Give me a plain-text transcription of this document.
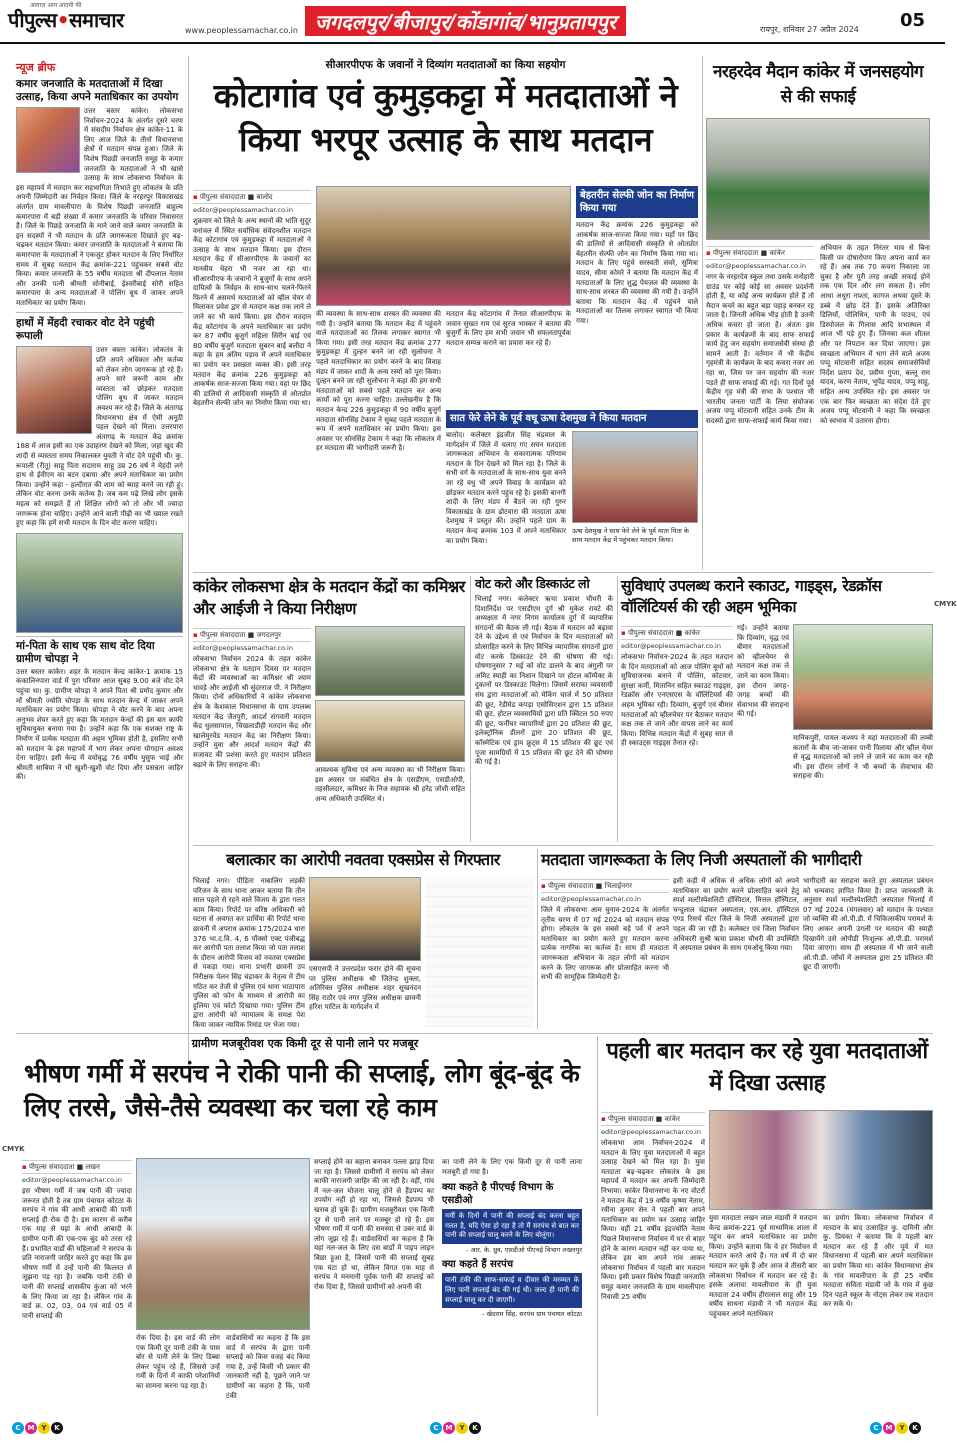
आवाज़ आम आदमी की
पीपुल्स•समाचार	www.peoplessamachar.co.in जगदलपुर/बीजापुर/कोंडागांव/भानुप्रतापपुर	रायपुर, शनिवार 27 अप्रैल 2024 05
न्यूज ब्रीफ
कमार जनजाति के मतदाताओं में दिखा उत्साह, किया अपने मताधिकार का उपयोग
उत्तर बस्तर कांकेर। लोकसभा निर्वाचन-2024 के अंतर्गत दूसरे चरण में संसदीय निर्वाचन क्षेत्र कांकेर-11 के लिए आज जिले के तीनों विधानसभा क्षेत्रों में मतदान संपन्न हुआ। जिले के विशेष पिछड़ी जनजाति समूह के कमार जनजाति के मतदाताओं ने भी खासे उत्साह के साथ लोकसभा निर्वाचन के इस महापर्व में मतदान कर सहभागिता निभाते हुए लोकतंत्र के प्रति अपनी जिम्मेदारी का निर्वहन किया। जिले के नरहरपुर विकासखंड अंतर्गत ग्राम मावलीपारा के विशेष पिछड़ी जनजाति बाहुल्य कमारपारा में बड़ी संख्या में कमार जनजाति के परिवार निवासरत हैं। जिले के पिछड़े जनजाति के माने जाने वाले कमार जनजाति के इन सदस्यों ने भी मतदान के प्रति जागरूकता दिखाते हुए बढ़-चढ़कर मतदान किया। कमार जनजाति के मतदाताओं ने बताया कि कमारपारा के मतदाताओं ने एकजुट होकर मतदान के लिए निर्धारित समय में सुबह मतदान केंद्र क्रमांक-221 पहुंचकर सबसे वोट किया। कमार जनजाति के 55 वर्षीय मतदाता श्री दीपलाल नेताम और उनकी पत्नी श्रीमती सोनीबाई, ईश्वरीबाई सोरी सहित कमारपारा के अन्य मतदाताओं ने पोलिंग बूथ में जाकर अपने मताधिकार का प्रयोग किया।
हाथों में मेंहदी रचाकर वोट देने पहुंची रूपाली
उत्तर बस्तर कांकेर। लोकतंत्र के प्रति अपने अधिकार और कर्तव्य को लेकर लोग जागरूक हो रहे हैं। अपने सारे जरूरी काम और व्यस्तता को छोड़कर मतदाता पोलिंग बूथ में जाकर मतदान अवश्य कर रहे हैं। जिले के अंतागढ़ विधानसभा क्षेत्र में ऐसी अनूठी पहल देखने को मिला। उत्तरपारा अंतागढ़ के मतदान केंद्र क्रमांक 188 में आज इसी का एक उदाहरण देखने को मिला, जहां खुद की शादी से व्यस्तता समय निकालकर युवती ने वोट देने पहुंची थी। कु. रूपाली (रीतू) साहू पिता सदाराम साहू उम्र 26 वर्ष ने मेहंदी लगे हाथ से ईवीएम का बटन दबाया और अपने मताधिकार का प्रयोग किया। उन्होंने कहा - हल्दीरात की शाम को ब्याह करने जा रही हूं। लेकिन वोट करना उनके कर्तव्य है। जब कम पढ़े लिखे लोग इसके महत्व को समझते हैं तो शिक्षित लोगों को तो और भी ज्यादा जागरूक होना चाहिए। उन्होंने आने वाली पीढ़ी का भी ख्याल रखते हुए कहा कि हमें सभी मतदान के दिन वोट करना चाहिए।
मां-पिता के साथ एक साथ वोट दिया ग्रामीण चोपड़ा ने
उत्तर बस्तर कांकेर। शहर के मतदान केन्द्र कांकेर-1 क्रमांक 15 कंकालिनपारा वार्ड में पुरा परिवार आज सुबह 9.00 बजे वोट देने पहुंचा था। कु. ग्रामीण चोपड़ा ने अपने पिता श्री प्रमोद कुमार और माँ श्रीमती ज्योति चोपड़ा के साथ मतदान केन्द्र में जाकर अपने मताधिकार का प्रयोग किया। चोपड़ा ने वोट करने के बाद अपना अनुभव शेयर करते हुए कहा कि मतदान केन्द्रों की इस बार काफी सुविधायुक्त बनाया गया है। उन्होंने कहा कि एक सशक्त राष्ट्र के निर्माण में प्रत्येक मतदाता की अहम भूमिका होती है, इसलिए सभी को मतदान के इस महापर्व में भाग लेकर अपना योगदान अवश्य देना चाहिए। इसी केन्द्र में वयोवृद्ध 76 वर्षीय युसुफ भाई और श्रीमती साबिया ने भी खुशी-खुशी वोट दिया और प्रसन्नता जाहिर की।
सीआरपीएफ के जवानों ने दिव्यांग मतदाताओं का किया सहयोग
कोटागांव एवं कुमुड़कट्टा में मतदाताओं ने किया भरपूर उत्साह के साथ मतदान
▪ पीपुल्स संवाददाता ■ बालोद
editor@peoplessamachar.co.in
शुक्रवार को जिले के अन्य स्थानों की भांति सुदूर वनांचल में स्थित सर्वाधिक संवेदनशील मतदान केंद्र कोटागांव एवं कुमुड़कट्टा में मतदाताओं ने उत्साह के साथ मतदान किया। इस दौरान मतदान केंद्र में सीआरपीएफ के जवानों का मानवीय चेहरा भी नजर आ रहा था। सीआरपीएफ के जवानों ने बुजुर्गों के साथ अपने दायित्वों के निर्वहन के साथ-साथ चलने-फिरने फिरने में असमर्थ मतदाताओं को व्हील चेयर से मिलाकर प्रवेश द्वार से मतदान कक्ष तक लाने ले जाने का भी कार्य किया। इस दौरान मतदान केंद्र कोटागांव के अपने मताधिकार का प्रयोग कर 87 वर्षीय बुजुर्ग महिला सिरीन बाई एवं 80 वर्षीय बुजुर्ग मतदाता सुबरन बाई बलौदा ने कहा के हम अंतिम पड़ाव में अपने मताधिकार का प्रयोग कर प्रसन्नता व्यक्त की। इसी तरह मतदान केंद्र क्रमांक 226 कुमुड़कट्टा को आकर्षक साज-सज्जा किया गया। यहां पर छिंद की डालियों से आदिवासी संस्कृति से ओतप्रोत बेहतरीन सेल्फी जोन का निर्माण किया गया था।
की व्यवस्था के साथ-साथ शरबत की व्यवस्था की गयी है। उन्होंने बताया कि मतदान केंद्र में पहुंचने वाले मतदाताओं का तिलक लगाकर स्वागत भी किया गया। इसी तरह मतदान केंद्र क्रमांक 277 कुमुड़कट्टा में दुल्हन बनने जा रही सुलोचना ने पहले मतदाधिकार का प्रयोग करने के बाद विवाह मंडप में जाकर शादी के अन्य रस्मों को पूरा किया। दुल्हन बनने जा रही सुलोचना ने कहा की हम सभी मतदाताओं को सबसे पहले मतदान कर अन्य कार्यों को पूरा करना चाहिए। उल्लेखनीय है कि मतदान केन्द्र 226 कुमुड़कट्टा में 90 वर्षीय बुजुर्ग मतदाता सोनसिंह टेकाम ने सुबह पहले मतदाता के रूप में अपने मताधिकार का प्रयोग किया। इस अवसर पर सोनसिंह टेकाम ने कहा कि लोकतंत्र में हर मतदाता की भागीदारी जरूरी है।
मतदान केंद्र कोटागांव में तैनात सीआरपीएफ के जवान सुखत राम एवं सुरज भास्कर ने बताया की बुजुर्गों के लिए हम सभी जवान भी सफलतापूर्वक मतदान सम्पन्न कराने का प्रयास कर रहे हैं।
बेहतरीन सेल्फी जोन का निर्माण किया गया
मतदान केंद्र क्रमांक 226 कुमुड़कट्टा को आकर्षक साज-सज्जा किया गया। यहाँ पर छिंद की डालियों से आदिवासी संस्कृति से ओतप्रोत बेहतरीन सेल्फी जोन का निर्माण किया गया था। मतदान के लिए पहुंचे सरस्वती संवरे, सुमित्रा यादव, सीमा कोमरे ने बताया कि मतदान केंद्र में मतदाताओं के लिए शुद्ध पेयजल की व्यवस्था के साथ-साथ शरबत की व्यवस्था की गयी है। उन्होंने बताया कि मतदान केंद्र में पहुंचने वाले मतदाताओं का तिलक लगाकर स्वागत भी किया गया।
सात फेरे लेने के पूर्व वधू ऊषा देशमुख ने किया मतदान
बालोद। कलेक्टर इंद्रजीत सिंह चंद्रवाल के मार्गदर्शन में जिले में चलाए गए सघन मतदाता जागरूकता अभियान के सकारात्मक परिणाम मतदान के दिन देखने को मिल रहा है। जिले के सभी वर्ग के मतदाताओं के साथ-साथ युवा बनने जा रहे वधु भी अपने विवाह के कार्यक्रम को छोड़कर मतदान करने पहुंच रहे है। इसकी बानगी शादी के लिए मंडप में बैठने जा रही गुरुर विकासखंड के ग्राम ढोटवारा की मतदाता ऊषा देशमुख ने प्रस्तुत की। उन्होंने पहले ग्राम के मतदान केन्द्र क्रमांक 103 में अपने मताधिकार का प्रयोग किया।
ऊषा देशमुख ने साथ फेरे लेने के पूर्व माता पिता के साथ मतदान केंद्र में पहुंचकर मतदान किया।
नरहरदेव मैदान कांकेर में जनसहयोग से की सफाई
▪ पीपुल्स संवाददाता ■ कांकेर
editor@peoplessamachar.co.in
नगर के नरहरदेव स्कूल तथा उसके मनोहारी ग्राउंड पर कोई कोई सा अवसर प्रदर्शनी होती हैं, या कोई अन्य कार्यक्रम होते हैं तो मैदान कचरे का बहुत बड़ा पहाड़ बनकर रह जाता है। जिनती अधिक भीड़ होती है उतनी अधिक कचरा हो जाता है। अंततः इस प्रकार के कार्यक्रमों के बाद साफ सफाई कार्य हेतु जन सहयोग समाजसेवी संस्था ही सामने आती है। वर्तमान में भी केंद्रीय गृहमंत्री के कार्यक्रम के बाद कचरा नजर आ रहा था, जिस पर जन सहयोग की नजर पड़ते ही साफ सफाई की गई। गत दिनों पूर्व केंद्रीय गृह मंत्री की सभा के पश्चात भी भारतीय जनता पार्टी के लिया संयोजक अजय पप्पू मोटवानी सहित उनके टीम के सदस्यों द्वारा साफ-सफाई कार्य किया गया।
अभियान के तहत निरंतर भाव से बिना किसी पर दोषारोपण किए अपना कार्य कर रहे हैं। अब तक 70 कचरा निकाला जा चुका है और पूरी तरह अच्छी सफाई होने तक एक दिन और लग सकता है। लोग आधा अधूरा नाश्ता, कागज अथवा दूसरे के डब्बे में छोड़ देते हैं। इसके अतिरिक्त डिलियाँ, पोलिथिन, पानी के पाउच, एवं डिस्पोजल के गिलास आदि सभास्थल में आज भी पड़े हुए हैं। जिनका कल शीतल और पर निपटान कर दिया जाएगा। इस स्वच्छता अभियान में भाग लेने वाले अजय पप्पू मोटवानी सहित सदस्य समाजसेवियों निर्देश प्रताप देव, प्रवीण गुप्ता, बल्लू राम यादव, करण नेताम, भूपेंद्र यादव, पप्पू साहू, सहित अन्य उपस्थित रहे। इस अवसर पर एक बार फिर स्वच्छता का संदेश देते हुए अजय पप्पू मोटवानी ने कहा कि स्वच्छता को स्वभाव में उतारना होगा।
कांकेर लोकसभा क्षेत्र के मतदान केंद्रों का कमिश्नर और आईजी ने किया निरीक्षण
▪ पीपुल्स संवाददाता ■ जगदलपुर
editor@peoplessamachar.co.in
लोकसभा निर्वाचन 2024 के तहत कांकेर लोकसभा क्षेत्र के मतदान दिवस पर मतदान केंद्रों की व्यवस्थाओं का कमिश्नर श्री श्याम धावड़े और आईजी श्री सुंदरराज पी. ने निरीक्षण किया। दोनों अधिकारियों ने कांकेर लोकसभा क्षेत्र के केशकाल विधानसभा के ग्राम उपलब्ध मतदान केंद्र जैतपुरी, आदर्श संगवारी मतदान केंद्र धुलसापाल, चिखलाडीही मतदान केंद्र और खालेमुरवेंड मतदान केंद्र का निरीक्षण किया। उन्होंने युवा और आदर्श मतदान केंद्रों की सजावट की प्रशंसा करते हुए मतदान प्रतिशत बढ़ाने के लिए सराहना की।
आवश्यक सुविधा एवं अन्य व्यवस्था का भी निरीक्षण किया। इस अवसर पर संबंधित क्षेत्र के एसडीएम, एसडीओपी, तहसीलदार, कमिश्नर के निज सहायक श्री हरेंद्र जोशी सहित अन्य अधिकारी उपस्थित थे।
वोट करो और डिस्काउंट लो
भिलाई नगर। कलेक्टर ऋचा प्रकाश चौधरी के दिशानिर्देश पर एसडीएम दुर्ग श्री मुकेश रावटे की अध्यक्षता में नगर निगम कार्यालय दुर्ग में व्यापारिक संगठनों की बैठक ली गई। बैठक में मतदान को बढ़ावा देने के उद्देश्य से एवं निर्वाचन के दिन मतदाताओं को प्रोत्साहित करने के लिए विभिन्न व्यापारिक संगठनों द्वारा वोट करके डिस्काउंट देने की घोषणा की गई। घोषणानुसार 7 मई को वोट डालने के बाद अंगुली पर अमिट स्याही का निशान दिखाने पर होटल कॉम्पैक्ट के दुकानों पर डिस्काउंट मिलेगा। जिसमें सराफा व्यवसायी संघ द्वारा मतदाताओं को मेकिंग चार्ज में 50 प्रतिशत की छूट, रेडीमेड कपड़ा एसोसिएशन द्वारा 15 प्रतिशत की छूट, होटल व्यवसायियों द्वारा प्रति क्विंटल 50 रुपए की छूट, फर्नीचर व्यापारियों द्वारा 20 प्रतिशत की छूट, इलेक्ट्रॉनिक डीलरों द्वारा 20 प्रतिशत की छूट, कॉस्मेटिक एवं ड्राय फ्रूट्स में 15 प्रतिशत की छूट एवं पूजा सामग्रियों में 15 प्रतिशत की छूट देने की घोषणा की गई है।
सुविधाएं उपलब्ध कराने स्काउट, गाइड्स, रेडक्रॉस वॉलिंटियर्स की रही अहम भूमिका
▪ पीपुल्स संवाददाता ■ कांकेर
editor@peoplessamachar.co.in
लोकसभा निर्वाचन-2024 के तहत मतदान के दिन मतदाताओं को आज पोलिंग बूथों को सुविधाजनक बनाने में पोलिंग, कोटवार, सुरक्षा कर्मी, मितानिन सहित स्काउट गाइड्स, रेडक्रॉस और एनएसएस के वॉलिंटियर्स की अहम भूमिका रही। दिव्यांग, बुजुर्ग एवं बीमार मतदाताओं को व्हीलचेयर पर बैठाकर मतदान कक्ष तक ले जाने और वापस लाने का कार्य किया। विभिन्न मतदान केंद्रों में सुबह सात से ही स्काउट्स गाइड्स तैनात रहे।
गईं। उन्होंने बताया कि दिव्यांग, वृद्ध एवं बीमार मतदाताओं को व्हीलचेयर से मतदान कक्ष तक ले जाने का काम किया। इस दौरान जगह-जगह बच्चों की सेवाभाव की सराहना की गई।
मानिकपुरी, पायल कश्यप ने यहां मतदाताओं की लम्बी कतारों के बीच जा-जाकर पानी पिलाया और व्हील चेयर से वृद्ध मतदाताओं को लाने ले जाने का काम कर रही थीं। इस दौरान लोगों ने भी बच्चों के सेवाभाव की सराहना की।
बलात्कार का आरोपी नवतवा एक्सप्रेस से गिरफ्तार
भिलाई नगर। पीड़िता नाबालिग लड़की परिजन के साथ थाना आकर बताया कि तीन साल पहले से रहने वाले विजय के द्वारा गलत काम किया। रिपोर्ट पर वरिष्ठ अधिकारी को घटना से अवगत कर प्रार्थिया की रिपोर्ट थाना छावनी में अपराध क्रमांक 175/2024 धारा 376 भा.द.वि. 4, 6 पॉक्सो एक्ट पंजीबद्ध कर आरोपी पता तलाश किया जो पता तलाश के दौरान आरोपी विजय को नवतवा एक्सप्रेस से पकड़ा गया। थाना प्रभारी छावनी उप निरीक्षक पेलन सिंह चंद्राकर के नेतृत्व में टीम गठित कर तेजी से पुलिस एवं थाना भाठापारा पुलिस को फोन के माध्यम से आरोपी का हुलिया एवं फोटो दिखाया गया। पुलिस टीम द्वारा आरोपी को न्यायालय के समक्ष पेश किया जाकर न्यायिक रिमांड पर भेजा गया।
एसएसपी ने उत्तरप्रदेश फरार होने की सूचना पर पुलिस अधीक्षक श्री जितेन्द्र शुक्ला, अतिरिक्त पुलिस अधीक्षक शहर सुखनंदन सिंह राठौर एवं नगर पुलिस अधीक्षक छावनी हरिश पाटिल के मार्गदर्शन में
मतदाता जागरूकता के लिए निजी अस्पतालों की भागीदारी
▪ पीपुल्स संवाददाता ■ भिलाईनगर
editor@peoplessamachar.co.in
जिले में लोकसभा आम चुनाव-2024 के अंतर्गत तृतीय चरण में 07 मई 2024 को मतदान संपन्न होगा। लोकतंत्र के इस सबसे बड़े पर्व में अपने मताधिकार का प्रयोग करते हुए मतदान करना प्रत्येक नागरिक का कर्तव्य है। साथ ही मतदाता जागरूकता अभियान के तहत लोगों को मतदान करने के लिए जागरूक और प्रोत्साहित करना भी सभी की सामूहिक जिम्मेदारी है।
इसी कड़ी में अधिक से अधिक लोगों को अपने मताधिकार का प्रयोग करने प्रोत्साहित करने हेतु स्पर्श मल्टीस्पेशलिटी हॉस्पिटल, मित्तल हॉस्पिटल, चन्दूलाल चंद्राकर अस्पताल, एस.आर. हॉस्पिटल एण्ड रिसर्च सेंटर जिले के निजी अस्पतालों द्वारा पहल की जा रही है। कलेक्टर एवं जिला निर्वाचन अधिकारी सुश्री ऋचा प्रकाश चौधरी की उपस्थिति में अस्पताल प्रबंधन के साथ एमओयू किया गया।
भागीदारी का सराहना करते हुए अस्पताल प्रबंधन को धन्यवाद ज्ञापित किया है। प्राप्त जानकारी के अनुसार स्पर्श मल्टीस्पेशलिटी अस्पताल भिलाई में 07 मई 2024 (मंगलवार) को मतदान के पश्चात जो व्यक्ति की ओ.पी.डी. में चिकित्सकीय परामर्श के लिए आकर अपनी उंगली पर मतदान की स्याही दिखायेंगे उसे ओपीडी निःशुल्क ओ.पी.डी. परामर्श दिया जाएगा। साथ ही अस्पताल में भी जाने वाली ओ.पी.डी. जाँचों में अस्पताल द्वारा 25 प्रतिशत की छूट दी जाएगी।
ग्रामीण मजबूरीवश एक किमी दूर से पानी लाने पर मजबूर
भीषण गर्मी में सरपंच ने रोकी पानी की सप्लाई, लोग बूंद-बूंद के लिए तरसे, जैसे-तैसे व्यवस्था कर चला रहे काम
▪ पीपुल्स संवाददाता ■ लखन
editor@peoplessamachar.co.in
इस भीषण गर्मी में जब पानी की ज्यादा जरूरत होती है तब ग्राम पंचायत कोटठा के सरपंच ने गांव की आधी आबादी की पानी सप्लाई ही रोक दी है। इस कारण से करीब एक माह से यहां के आधी आबादी के ग्रामीण पानी की एक-एक बूंद को तरस रहे हैं। प्रभावित वार्डों की महिलाओं ने सरपंच के प्रति नाराजगी जाहिर करते हुए कहा कि इस भीषण गर्मी में उन्हें पानी की किल्लत से जूझना पड़ रहा है। जबकि पानी टंकी से पानी की सप्लाई शासकीय कुंआ को भरने के लिए किया जा रहा है। लेकिन गांव के वार्ड क्र. 02, 03, 04 एवं वार्ड 05 में पानी सप्लाई की
रोक दिया है। इस वार्ड की लोग एक किमी दूर पानी टंकी के पास बोर से पानी लेने के लिए डिब्बा लेकर पहुंच रहे हैं, जिससे उन्हें गर्मी के दिनों में काफी परेशानियों का सामना करना पड़ रहा है।
वार्डवासियों का कहना है कि इस वार्ड में सरपंच के द्वारा पानी सप्लाई को किस वजह बंद किया गया है, उन्हें किसी भी प्रकार की जानकारी नहीं है, पूछने जाने पर ग्रामीणों का कहना है कि, पानी टंकी
सप्लाई होने का बहाना बनाकर पल्ला झाड़ दिया जा रहा है। जिससे ग्रामीणों में सरपंच को लेकर काफी नाराजगी जाहिर की जा रही है। वहीं, गांव में नल-जल योजना चालू होने से हैंडपम्प का उपयोग नहीं हो रहा था, जिससे हैंडपम्प भी खराब हो चुके हैं। ग्रामीण मजबूरीवश एक किमी दूर से पानी लाने पर मजबूर हो रहे हैं। इस भीषण गर्मी में पानी की समस्या से उबर वार्ड के लोग जूझ रहे हैं। वार्डवासियों का कहना है कि यहां नल-जल के लिए दस बार्डों में पाइप लाइन बिछा हुआ है, जिसमें पानी की सप्लाई सुबह एक घंटा हो था, लेकिन विगत एक माह से सरपंच ने मनमानी पूर्वक पानी की सप्लाई को रोक दिया है, जिससे ग्रामीणों को अपनी की
का पानी लेने के लिए एक किमी दूर से पानी लाना मजबूरी हो गया है।
क्या कहते है पीएचई विभाग के एसडीओ
गर्मी के दिनों में पानी की सप्लाई बंद करना बहुत गलत है, यदि ऐसा हो रहा है तो मैं सरपंच से बात कर पानी की सप्लाई चालू करने के लिए बोलूंगा।
- आर. के. ध्रुव, एसडीओ पीएचई विभाग लखनपुर
क्या कहते हैं सरपंच
पानी टंकी की साफ-सफाई व दीवार की मरम्मत के लिए पानी सप्लाई बंद की गई थी। जल्द ही पानी की सप्लाई चालू कर दी जाएगी।
- खेदराम सिंह, सरपंच ग्राम पंचायत कोटठा
पहली बार मतदान कर रहे युवा मतदाताओं में दिखा उत्साह
▪ पीपुल्स संवाददाता ■ कांकेर
editor@peoplessamachar.co.in
लोकसभा आम निर्वाचन-2024 में मतदान के लिए युवा मतदाताओं में बहुत उत्साह देखने को मिल रहा है। युवा मतदाता बढ़-चढ़कर लोकतंत्र के इस महापर्व में मतदान कर अपनी जिम्मेदारी निभाया। कांकेर विधानसभा के नए वोटरों ने मतदान केंद्र में 19 वर्षीय कृष्णा नेताम, रवीना कुमार सेन ने पहली बार अपने मताधिकार का प्रयोग कर उत्साह जाहिर किया। वहीं 21 वर्षीय इंद्रज्योति नेताम पिछले विधानसभा निर्वाचन में घर से बाहर होने के कारण मतदान नहीं कर पाया था, लेकिन इस बार अपने गांव आकर लोकसभा निर्वाचन में पहली बार मतदान किया। इसी प्रकार विशेष पिछड़ी जनजाति समूह कमार जनजाति के ग्राम मावलीपारा निवासी 25 वर्षीय
युवा मतदाता लखन लाल मंडावी ने मतदान केन्द्र क्रमांक-221 पूर्व माध्यमिक शाला में पहुंच कर अपने मताधिकार का प्रयोग किया। उन्होंने बताया कि वे हर निर्वाचन में मतदान करते आये हैं। गत वर्ष में दो बार मतदान कर चुके हैं और आज वे तीसरी बार लोकसभा निर्वाचन में मतदान कर रहे है। इसके अलावा मावलीपारा के ही युवा मतदाता 24 वर्षीय हीरालाल साहू और 19 वर्षीय साधना मंडावी ने भी मतदान केंद्र पहुंचकर अपने मताधिकार
का प्रयोग किया। लोकसभा निर्वाचन में मतदान के बाद उत्साहित कु. दामिनी और कु. प्रियंका ने बताया कि वे पहली बार मतदान कर रहे हैं और पूर्व में मत विधानसभा में पहली बार अपने मताधिकार का प्रयोग किया था। कांकेर विधानसभा क्षेत्र के गांव मावलीपारा के ही 25 वर्षीय मतदाता सविता मंडावी जो के गांव में कुछ दिन पहले स्कूल के नोट्स लेकर तब मतदान कर सके थे।
C M Y K	C M Y K	C M Y K
CMYK
CMYK
